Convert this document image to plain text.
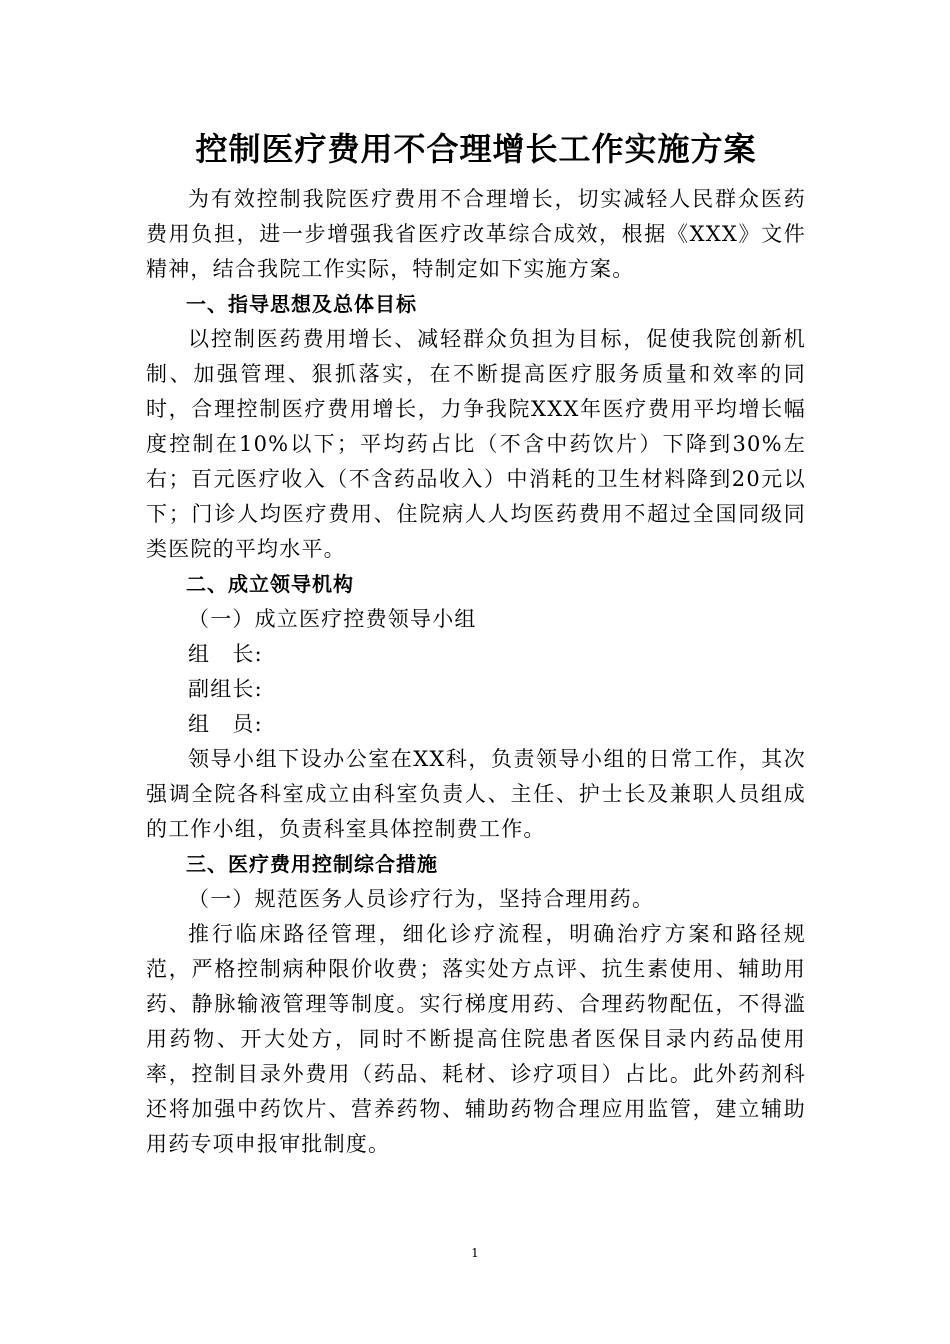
控制医疗费用不合理增长工作实施方案

为有效控制我院医疗费用不合理增长，切实减轻人民群众医药费用负担，进一步增强我省医疗改革综合成效，根据《XXX》文件精神，结合我院工作实际，特制定如下实施方案。

一、指导思想及总体目标

以控制医药费用增长、减轻群众负担为目标，促使我院创新机制、加强管理、狠抓落实，在不断提高医疗服务质量和效率的同时，合理控制医疗费用增长，力争我院XXX年医疗费用平均增长幅度控制在10%以下；平均药占比（不含中药饮片）下降到30%左右；百元医疗收入（不含药品收入）中消耗的卫生材料降到20元以下；门诊人均医疗费用、住院病人人均医药费用不超过全国同级同类医院的平均水平。

二、成立领导机构

（一）成立医疗控费领导小组

组　长:

副组长:

组　员:

领导小组下设办公室在XX科，负责领导小组的日常工作，其次强调全院各科室成立由科室负责人、主任、护士长及兼职人员组成的工作小组，负责科室具体控制费工作。

三、医疗费用控制综合措施

（一）规范医务人员诊疗行为，坚持合理用药。

推行临床路径管理，细化诊疗流程，明确治疗方案和路径规范，严格控制病种限价收费；落实处方点评、抗生素使用、辅助用药、静脉输液管理等制度。实行梯度用药、合理药物配伍，不得滥用药物、开大处方，同时不断提高住院患者医保目录内药品使用率，控制目录外费用（药品、耗材、诊疗项目）占比。此外药剂科还将加强中药饮片、营养药物、辅助药物合理应用监管，建立辅助用药专项申报审批制度。

1
